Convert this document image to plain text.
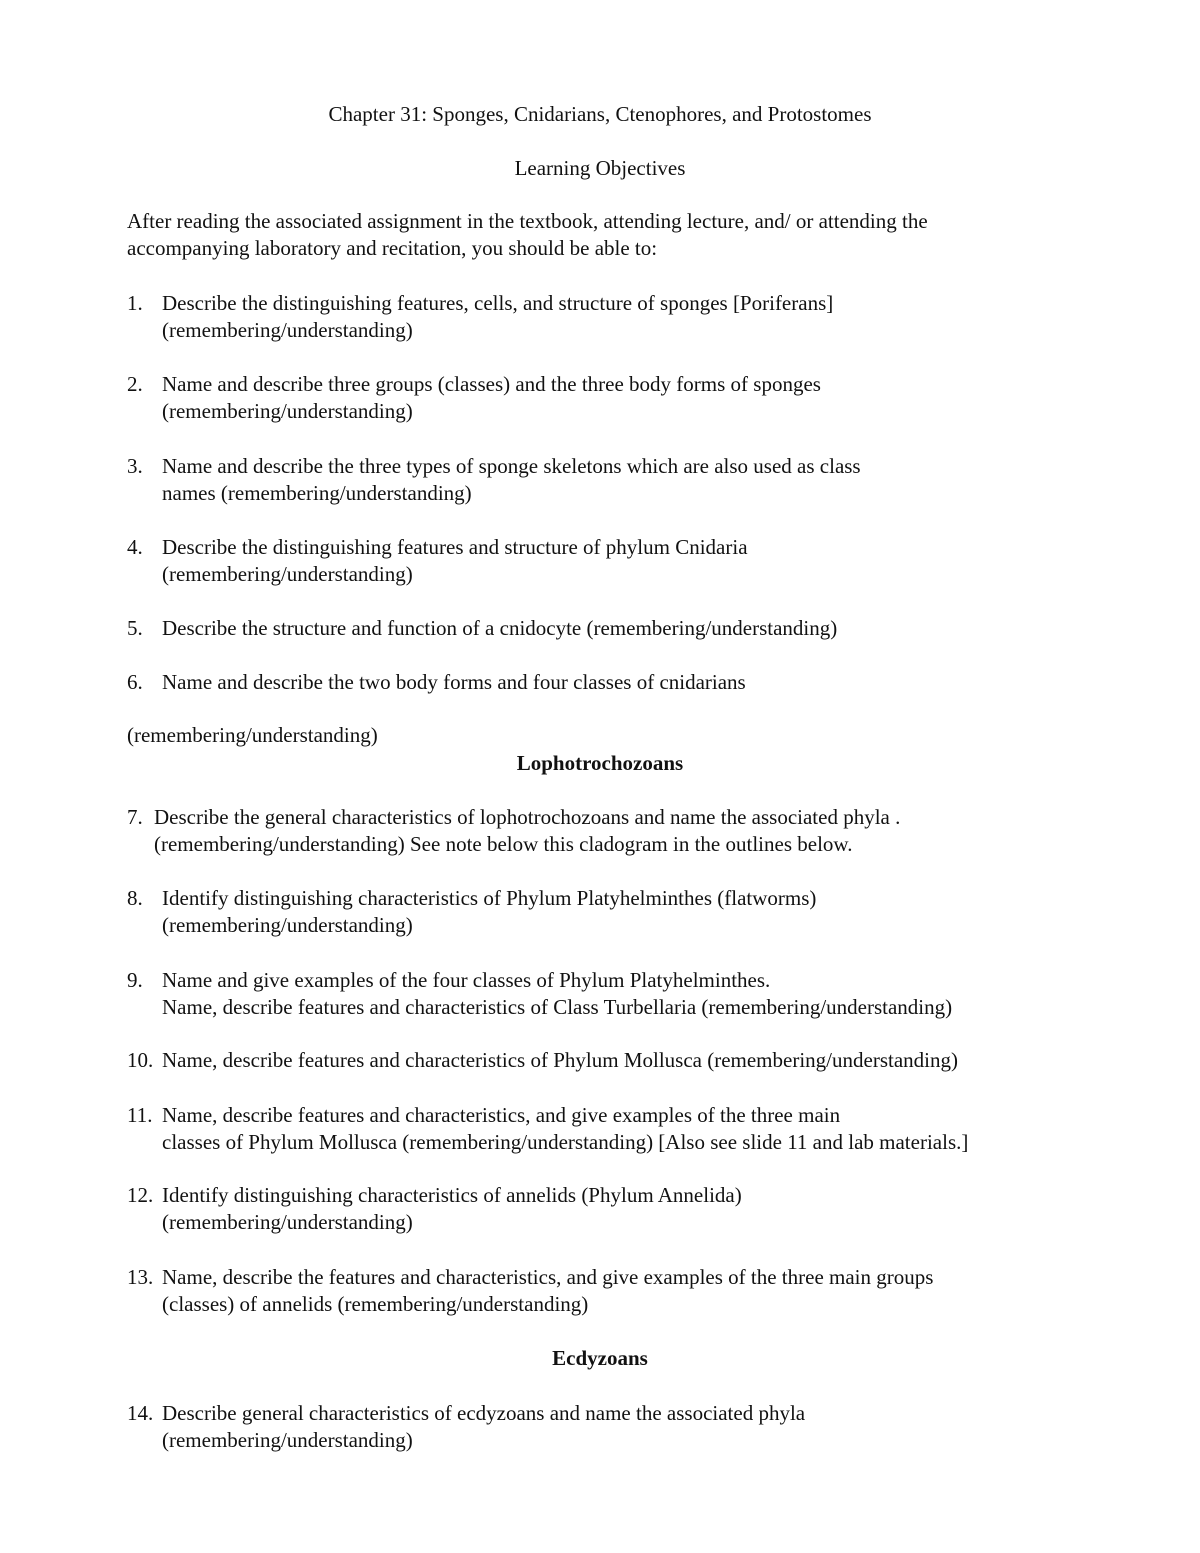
Chapter 31: Sponges, Cnidarians, Ctenophores, and Protostomes
Learning Objectives
After reading the associated assignment in the textbook, attending lecture, and/ or attending the
accompanying laboratory and recitation, you should be able to:
1. Describe the distinguishing features, cells, and structure of sponges [Poriferans]
(remembering/understanding)
2. Name and describe three groups (classes) and the three body forms of sponges
(remembering/understanding)
3. Name and describe the three types of sponge skeletons which are also used as class
names (remembering/understanding)
4. Describe the distinguishing features and structure of phylum Cnidaria
(remembering/understanding)
5. Describe the structure and function of a cnidocyte (remembering/understanding)
6. Name and describe the two body forms and four classes of cnidarians
(remembering/understanding)
Lophotrochozoans
7. Describe the general characteristics of lophotrochozoans and name the associated phyla .
(remembering/understanding) See note below this cladogram in the outlines below.
8. Identify distinguishing characteristics of Phylum Platyhelminthes (flatworms)
(remembering/understanding)
9. Name and give examples of the four classes of Phylum Platyhelminthes.
Name, describe features and characteristics of Class Turbellaria (remembering/understanding)
10. Name, describe features and characteristics of Phylum Mollusca (remembering/understanding)
11. Name, describe features and characteristics, and give examples of the three main
classes of Phylum Mollusca (remembering/understanding) [Also see slide 11 and lab materials.]
12. Identify distinguishing characteristics of annelids (Phylum Annelida)
(remembering/understanding)
13. Name, describe the features and characteristics, and give examples of the three main groups
(classes) of annelids (remembering/understanding)
Ecdyzoans
14. Describe general characteristics of ecdyzoans and name the associated phyla
(remembering/understanding)
